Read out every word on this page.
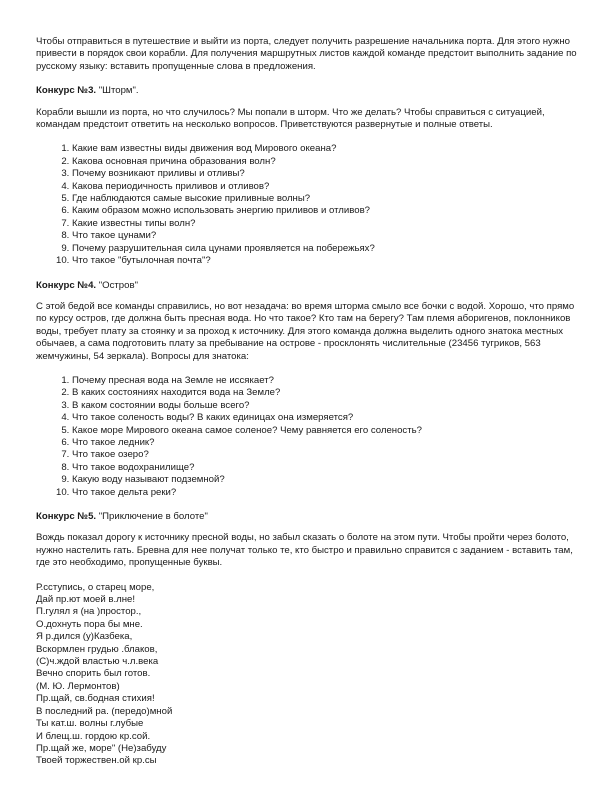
Чтобы отправиться в путешествие и выйти из порта, следует получить разрешение начальника порта. Для этого нужно привести в порядок свои корабли. Для получения маршрутных листов каждой команде предстоит выполнить задание по русскому языку: вставить пропущенные слова в предложения.

Конкурс №3. "Шторм".

Корабли вышли из порта, но что случилось? Мы попали в шторм. Что же делать? Чтобы справиться с ситуацией, командам предстоит ответить на несколько вопросов. Приветствуются развернутые и полные ответы.

1. Какие вам известны виды движения вод Мирового океана?
2. Какова основная причина образования волн?
3. Почему возникают приливы и отливы?
4. Какова периодичность приливов и отливов?
5. Где наблюдаются самые высокие приливные волны?
6. Каким образом можно использовать энергию приливов и отливов?
7. Какие известны типы волн?
8. Что такое цунами?
9. Почему разрушительная сила цунами проявляется на побережьях?
10. Что такое "бутылочная почта"?

Конкурс №4. "Остров"

С этой бедой все команды справились, но вот незадача: во время шторма смыло все бочки с водой. Хорошо, что прямо по курсу остров, где должна быть пресная вода. Но что такое? Кто там на берегу? Там племя аборигенов, поклонников воды, требует плату за стоянку и за проход к источнику. Для этого команда должна выделить одного знатока местных обычаев, а сама подготовить плату за пребывание на острове - просклонять числительные (23456 тугриков, 563 жемчужины, 54 зеркала). Вопросы для знатока:

1. Почему пресная вода на Земле не иссякает?
2. В каких состояниях находится вода на Земле?
3. В каком состоянии воды больше всего?
4. Что такое соленость воды? В каких единицах она измеряется?
5. Какое море Мирового океана самое соленое? Чему равняется его соленость?
6. Что такое ледник?
7. Что такое озеро?
8. Что такое водохранилище?
9. Какую воду называют подземной?
10. Что такое дельта реки?

Конкурс №5. "Приключение в болоте"

Вождь показал дорогу к источнику пресной воды, но забыл сказать о болоте на этом пути. Чтобы пройти через болото, нужно настелить гать. Бревна для нее получат только те, кто быстро и правильно справится с заданием - вставить там, где это необходимо, пропущенные буквы.

Р.сступись, о старец море,
Дай пр.ют моей в.лне!
П.гулял я (на )простор.,
О.дохнуть пора бы мне.
Я р.дился (у)Казбека,
Вскормлен грудью .блаков,
(С)ч.ждой властью ч.л.века
Вечно спорить был готов.
(М. Ю. Лермонтов)
Пр.щай, св.бодная стихия!
В последний ра. (передо)мной
Ты кат.ш. волны г.лубые
И блещ.ш. гордою кр.сой.
Пр.щай же, море" (Не)забуду
Твоей торжествен.ой кр.сы
